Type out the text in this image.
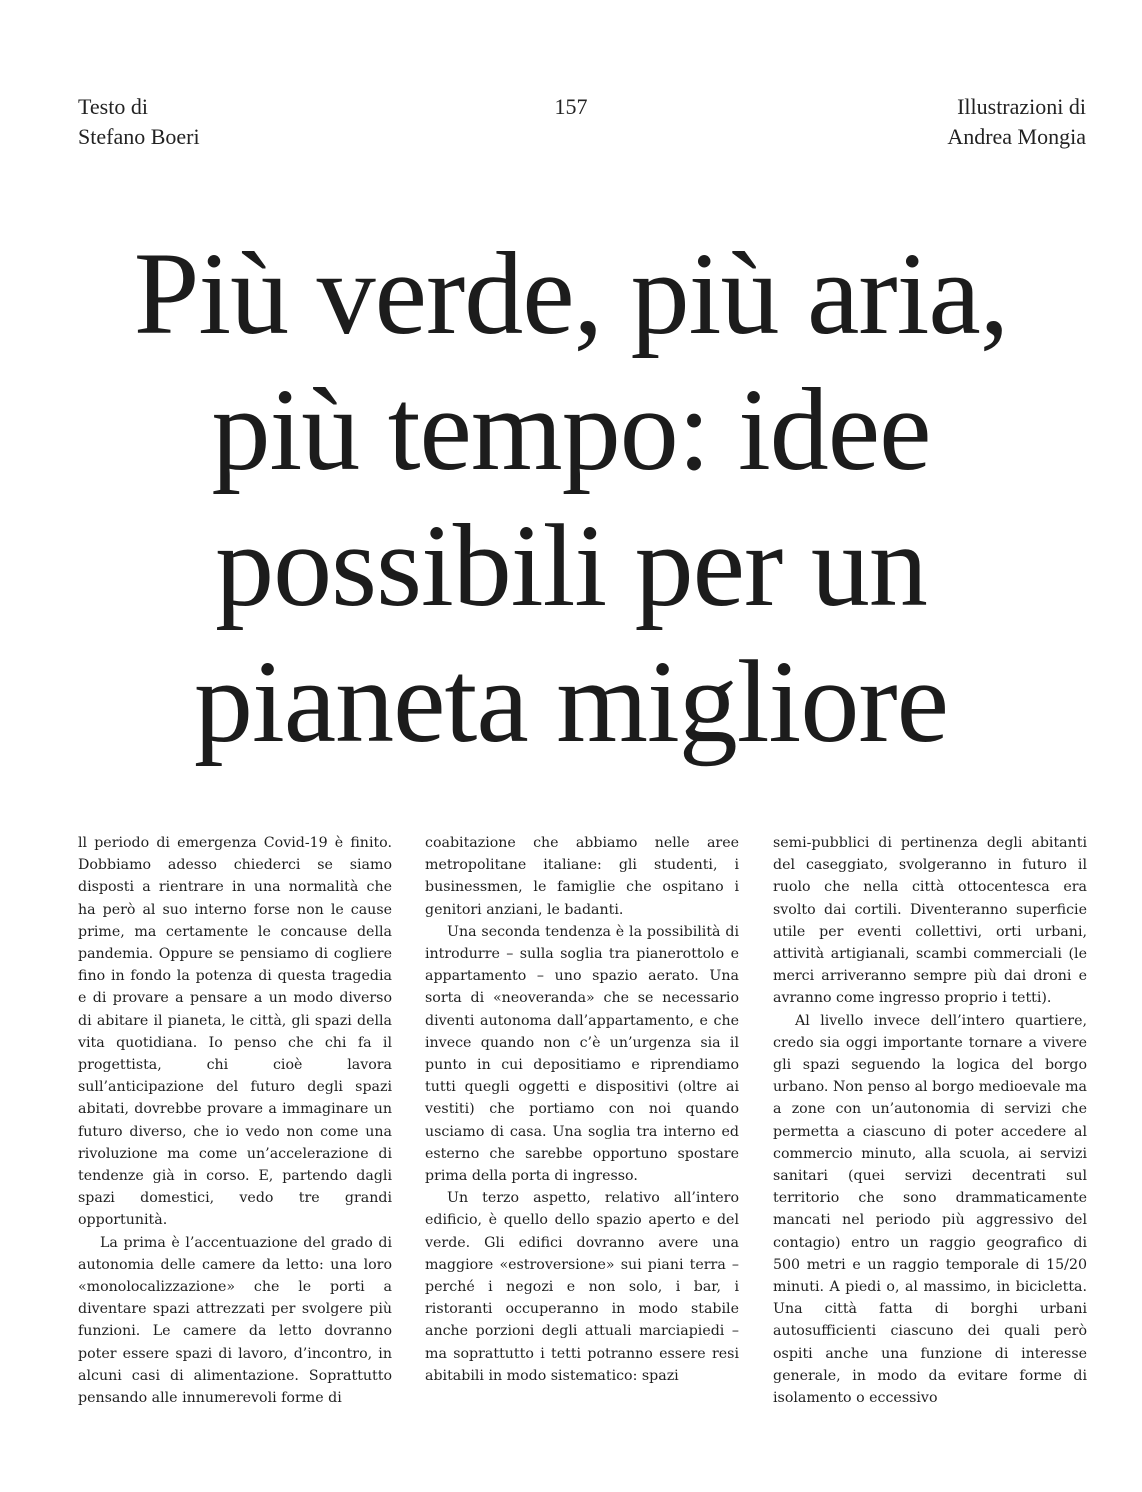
Testo di
Stefano Boeri
157	Illustrazioni di
Andrea Mongia
Più verde, più aria,
più tempo: idee
possibili per un
pianeta migliore

ll periodo di emergenza Covid-19 è finito. Dobbiamo adesso chiederci se siamo disposti a rientrare in una normalità che ha però al suo interno forse non le cause prime, ma certamente le concause della pandemia. Oppure se pensiamo di cogliere fino in fondo la potenza di questa tragedia e di provare a pensare a un modo diverso di abitare il pianeta, le città, gli spazi della vita quotidiana. Io penso che chi fa il progettista, chi cioè lavora sull’anticipazione del futuro degli spazi abitati, dovrebbe provare a immaginare un futuro diverso, che io vedo non come una rivoluzione ma come un’accelerazione di tendenze già in corso. E, partendo dagli spazi domestici, vedo tre grandi opportunità.

La prima è l’accentuazione del grado di autonomia delle camere da letto: una loro «monolocalizzazione» che le porti a diventare spazi attrezzati per svolgere più funzioni. Le camere da letto dovranno poter essere spazi di lavoro, d’incontro, in alcuni casi di alimentazione. Soprattutto pensando alle innumerevoli forme di

coabitazione che abbiamo nelle aree metropolitane italiane: gli studenti, i businessmen, le famiglie che ospitano i genitori anziani, le badanti.

Una seconda tendenza è la possibilità di introdurre – sulla soglia tra pianerottolo e appartamento – uno spazio aerato. Una sorta di «neoveranda» che se necessario diventi autonoma dall’appartamento, e che invece quando non c’è un’urgenza sia il punto in cui depositiamo e riprendiamo tutti quegli oggetti e dispositivi (oltre ai vestiti) che portiamo con noi quando usciamo di casa. Una soglia tra interno ed esterno che sarebbe opportuno spostare prima della porta di ingresso.

Un terzo aspetto, relativo all’intero edificio, è quello dello spazio aperto e del verde. Gli edifici dovranno avere una maggiore «estroversione» sui piani terra – perché i negozi e non solo, i bar, i ristoranti occuperanno in modo stabile anche porzioni degli attuali marciapiedi – ma soprattutto i tetti potranno essere resi abitabili in modo sistematico: spazi

semi-pubblici di pertinenza degli abitanti del caseggiato, svolgeranno in futuro il ruolo che nella città ottocentesca era svolto dai cortili. Diventeranno superficie utile per eventi collettivi, orti urbani, attività artigianali, scambi commerciali (le merci arriveranno sempre più dai droni e avranno come ingresso proprio i tetti).

Al livello invece dell’intero quartiere, credo sia oggi importante tornare a vivere gli spazi seguendo la logica del borgo urbano. Non penso al borgo medioevale ma a zone con un’autonomia di servizi che permetta a ciascuno di poter accedere al commercio minuto, alla scuola, ai servizi sanitari (quei servizi decentrati sul territorio che sono drammaticamente mancati nel periodo più aggressivo del contagio) entro un raggio geografico di 500 metri e un raggio temporale di 15/20 minuti. A piedi o, al massimo, in bicicletta. Una città fatta di borghi urbani autosufficienti ciascuno dei quali però ospiti anche una funzione di interesse generale, in modo da evitare forme di isolamento o eccessivo
